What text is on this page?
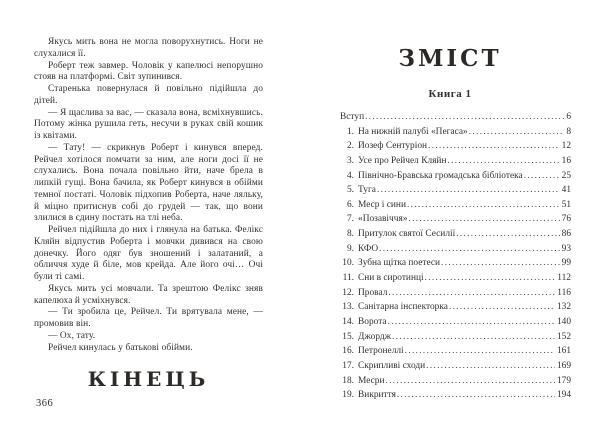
Якусь мить вона не могла поворухнутись. Ноги не слухалися її.

Роберт теж завмер. Чоловік у капелюсі непорушно стояв на платформі. Світ зупинився.

Старенька повернулася й повільно підійшла до дітей.

— Я щаслива за вас, — сказала вона, всміхнувшись. Потому жінка рушила геть, несучи в руках свій кошик із квітами.

— Тату! — скрикнув Роберт і кинувся вперед. Рейчел хотілося помчати за ним, але ноги досі її не слухались. Вона почала повільно йти, наче брела в липкій гущі. Вона бачила, як Роберт кинувся в обійми темної постаті. Чоловік підхопив Роберта, наче ляльку, й міцно притиснув собі до грудей — так, що вони злилися в єдину постать на тлі неба.

Рейчел підійшла до них і глянула на батька. Фелікс Кляйн відпустив Роберта і мовчки дивився на свою донечку. Його одяг був зношений і залатаний, а обличчя худе й біле, мов крейда. Але його очі… Очі були ті самі.

Якусь мить усі мовчали. Та зрештою Фелікс зняв капелюха й усміхнувся.

— Ти зробила це, Рейчел. Ти врятувала мене, — промовив він.

— Ох, тату.

Рейчел кинулась у батькові обійми.

КІНЕЦЬ
366
ЗМІСТ
Книга 1
Вступ .....	6
1. На нижній палубі «Пегаса» .....	8
2. Йозеф Сентуріон .....	12
3. Усе про Рейчел Кляйн .....	16
4. Північно-Бравська громадська бібліотека .....	25
5. Туга .....	41
6. Меср і сини .....	51
7. «Позавіччя» .....	76
8. Притулок святої Сесилії .....	86
9. КФО .....	93
10. Зубна щітка поетеси .....	99
11. Сни в сиротинці .....	112
12. Провал .....	116
13. Санітарна інспекторка .....	132
14. Ворота .....	140
15. Джордж .....	152
16. Петронеллі .....	161
17. Скрипливі сходи .....	169
18. Месри .....	179
19. Викриття .....	194
